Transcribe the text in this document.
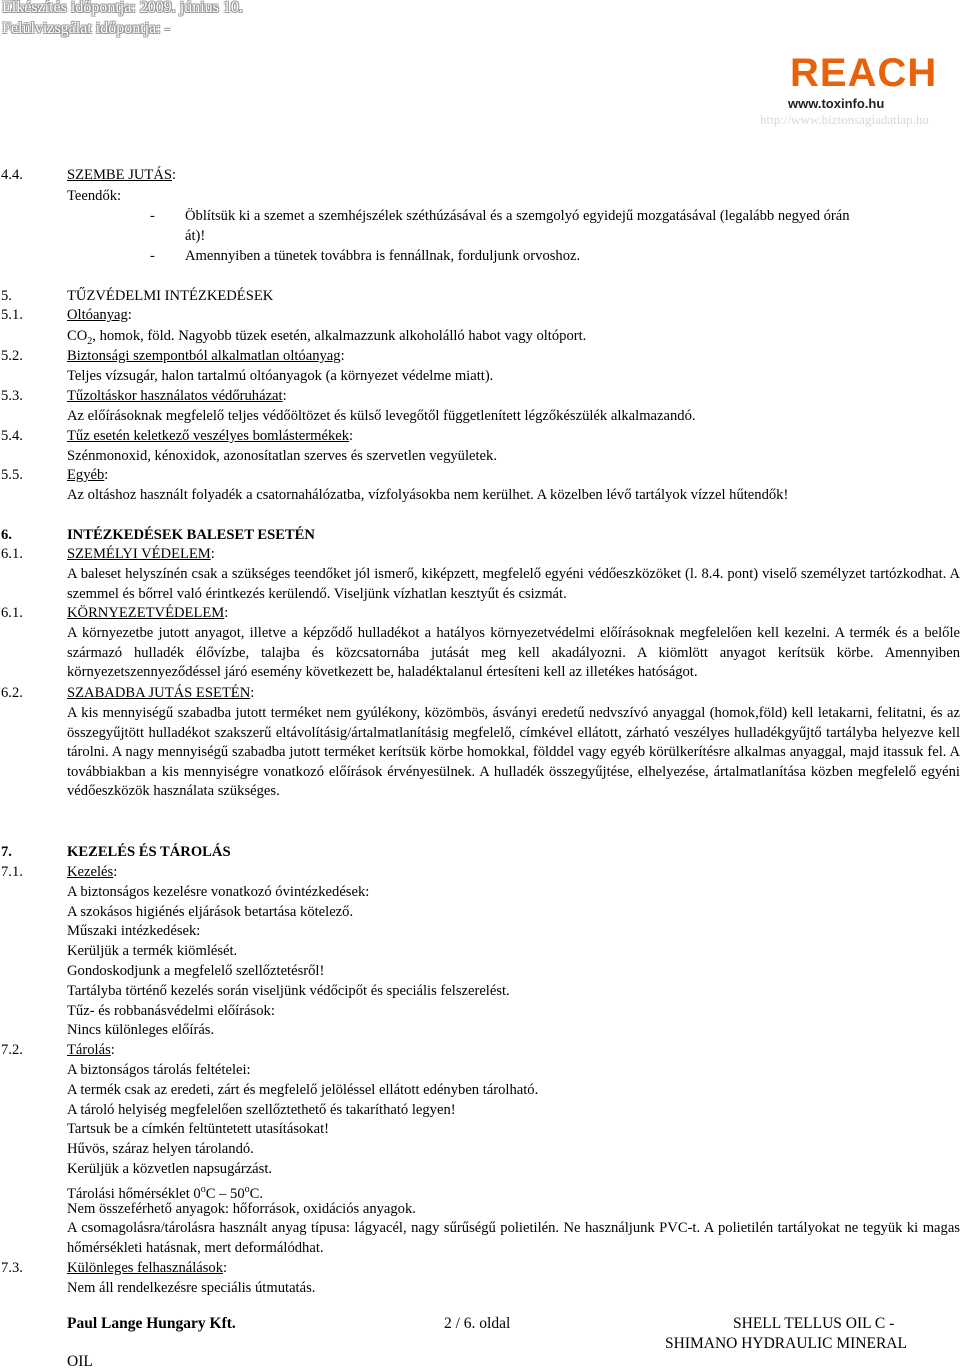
Elkészítés időpontja: 2009. június 10.
Felülvizsgálat időpontja: -
REACH
www.toxinfo.hu
http://www.biztonsagiadatlap.hu
4.4.	SZEMBE JUTÁS:
Teendők:
- Öblítsük ki a szemet a szemhéjszélek széthúzásával és a szemgolyó egyidejű mozgatásával (legalább negyed órán
át)!
- Amennyiben a tünetek továbbra is fennállnak, forduljunk orvoshoz.
5.	TŰZVÉDELMI INTÉZKEDÉSEK
5.1.	Oltóanyag:
$CO_2$, homok, föld. Nagyobb tüzek esetén, alkalmazzunk alkoholálló habot vagy oltóport.
5.2.	Biztonsági szempontból alkalmatlan oltóanyag:
Teljes vízsugár, halon tartalmú oltóanyagok (a környezet védelme miatt).
5.3.	Tűzoltáskor használatos védőruházat:
Az előírásoknak megfelelő teljes védőöltözet és külső levegőtől függetlenített légzőkészülék alkalmazandó.
5.4.	Tűz esetén keletkező veszélyes bomlástermékek:
Szénmonoxid, kénoxidok, azonosítatlan szerves és szervetlen vegyületek.
5.5.	Egyéb:
Az oltáshoz használt folyadék a csatornahálózatba, vízfolyásokba nem kerülhet. A közelben lévő tartályok vízzel hűtendők!
6.	INTÉZKEDÉSEK BALESET ESETÉN
6.1.	SZEMÉLYI VÉDELEM:
A baleset helyszínén csak a szükséges teendőket jól ismerő, kiképzett, megfelelő egyéni védőeszközöket (l. 8.4. pont) viselő személyzet tartózkodhat. A szemmel és bőrrel való érintkezés kerülendő. Viseljünk vízhatlan kesztyűt és csizmát.
6.1.	KÖRNYEZETVÉDELEM:
A környezetbe jutott anyagot, illetve a képződő hulladékot a hatályos környezetvédelmi előírásoknak megfelelően kell kezelni. A termék és a belőle származó hulladék élővízbe, talajba és közcsatornába jutását meg kell akadályozni. A kiömlött anyagot kerítsük körbe. Amennyiben környezetszennyeződéssel járó esemény következett be, haladéktalanul értesíteni kell az illetékes hatóságot.
6.2.	SZABADBA JUTÁS ESETÉN:
A kis mennyiségű szabadba jutott terméket nem gyúlékony, közömbös, ásványi eredetű nedvszívó anyaggal (homok,föld) kell letakarni, felitatni, és az összegyűjtött hulladékot szakszerű eltávolításig/ártalmatlanításig megfelelő, címkével ellátott, zárható veszélyes hulladékgyűjtő tartályba helyezve kell tárolni. A nagy mennyiségű szabadba jutott terméket kerítsük körbe homokkal, földdel vagy egyéb körülkerítésre alkalmas anyaggal, majd itassuk fel. A továbbiakban a kis mennyiségre vonatkozó előírások érvényesülnek. A hulladék összegyűjtése, elhelyezése, ártalmatlanítása közben megfelelő egyéni védőeszközök használata szükséges.
7.	KEZELÉS ÉS TÁROLÁS
7.1.	Kezelés:
A biztonságos kezelésre vonatkozó óvintézkedések:
A szokásos higiénés eljárások betartása kötelező.
Műszaki intézkedések:
Kerüljük a termék kiömlését.
Gondoskodjunk a megfelelő szellőztetésről!
Tartályba történő kezelés során viseljünk védőcipőt és speciális felszerelést.
Tűz- és robbanásvédelmi előírások:
Nincs különleges előírás.
7.2.	Tárolás:
A biztonságos tárolás feltételei:
A termék csak az eredeti, zárt és megfelelő jelöléssel ellátott edényben tárolható.
A tároló helyiség megfelelően szellőztethető és takarítható legyen!
Tartsuk be a címkén feltüntetett utasításokat!
Hűvös, száraz helyen tárolandó.
Kerüljük a közvetlen napsugárzást.
Tárolási hőmérséklet 0$^o$C – 50$^o$C.
Nem összeférhető anyagok: hőforrások, oxidációs anyagok.
A csomagolásra/tárolásra használt anyag típusa: lágyacél, nagy sűrűségű polietilén. Ne használjunk PVC-t. A polietilén tartályokat ne tegyük ki magas hőmérsékleti hatásnak, mert deformálódhat.
7.3.	Különleges felhasználások:
Nem áll rendelkezésre speciális útmutatás.
Paul Lange Hungary Kft.	2 / 6. oldal	SHELL TELLUS OIL C -
SHIMANO HYDRAULIC MINERAL
OIL
